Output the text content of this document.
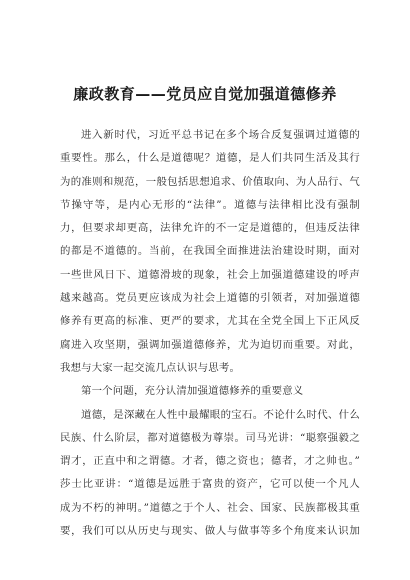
廉政教育——党员应自觉加强道德修养
进入新时代，习近平总书记在多个场合反复强调过道德的
重要性。那么，什么是道德呢？道德，是人们共同生活及其行
为的准则和规范，一般包括思想追求、价值取向、为人品行、气
节操守等，是内心无形的“法律”。道德与法律相比没有强制
力，但要求却更高，法律允许的不一定是道德的，但违反法律
的都是不道德的。当前，在我国全面推进法治建设时期，面对
一些世风日下、道德滑坡的现象，社会上加强道德建设的呼声
越来越高。党员更应该成为社会上道德的引领者，对加强道德
修养有更高的标准、更严的要求，尤其在全党全国上下正风反
腐进入攻坚期，强调加强道德修养，尤为迫切而重要。对此，
我想与大家一起交流几点认识与思考。
第一个问题，充分认清加强道德修养的重要意义
道德，是深藏在人性中最耀眼的宝石。不论什么时代、什么
民族、什么阶层，都对道德极为尊崇。司马光讲：“聪察强毅之
谓才，正直中和之谓德。才者，德之资也；德者，才之帅也。”
莎士比亚讲：“道德是远胜于富贵的资产，它可以使一个凡人
成为不朽的神明。”道德之于个人、社会、国家、民族都极其重
要，我们可以从历史与现实、做人与做事等多个角度来认识加
